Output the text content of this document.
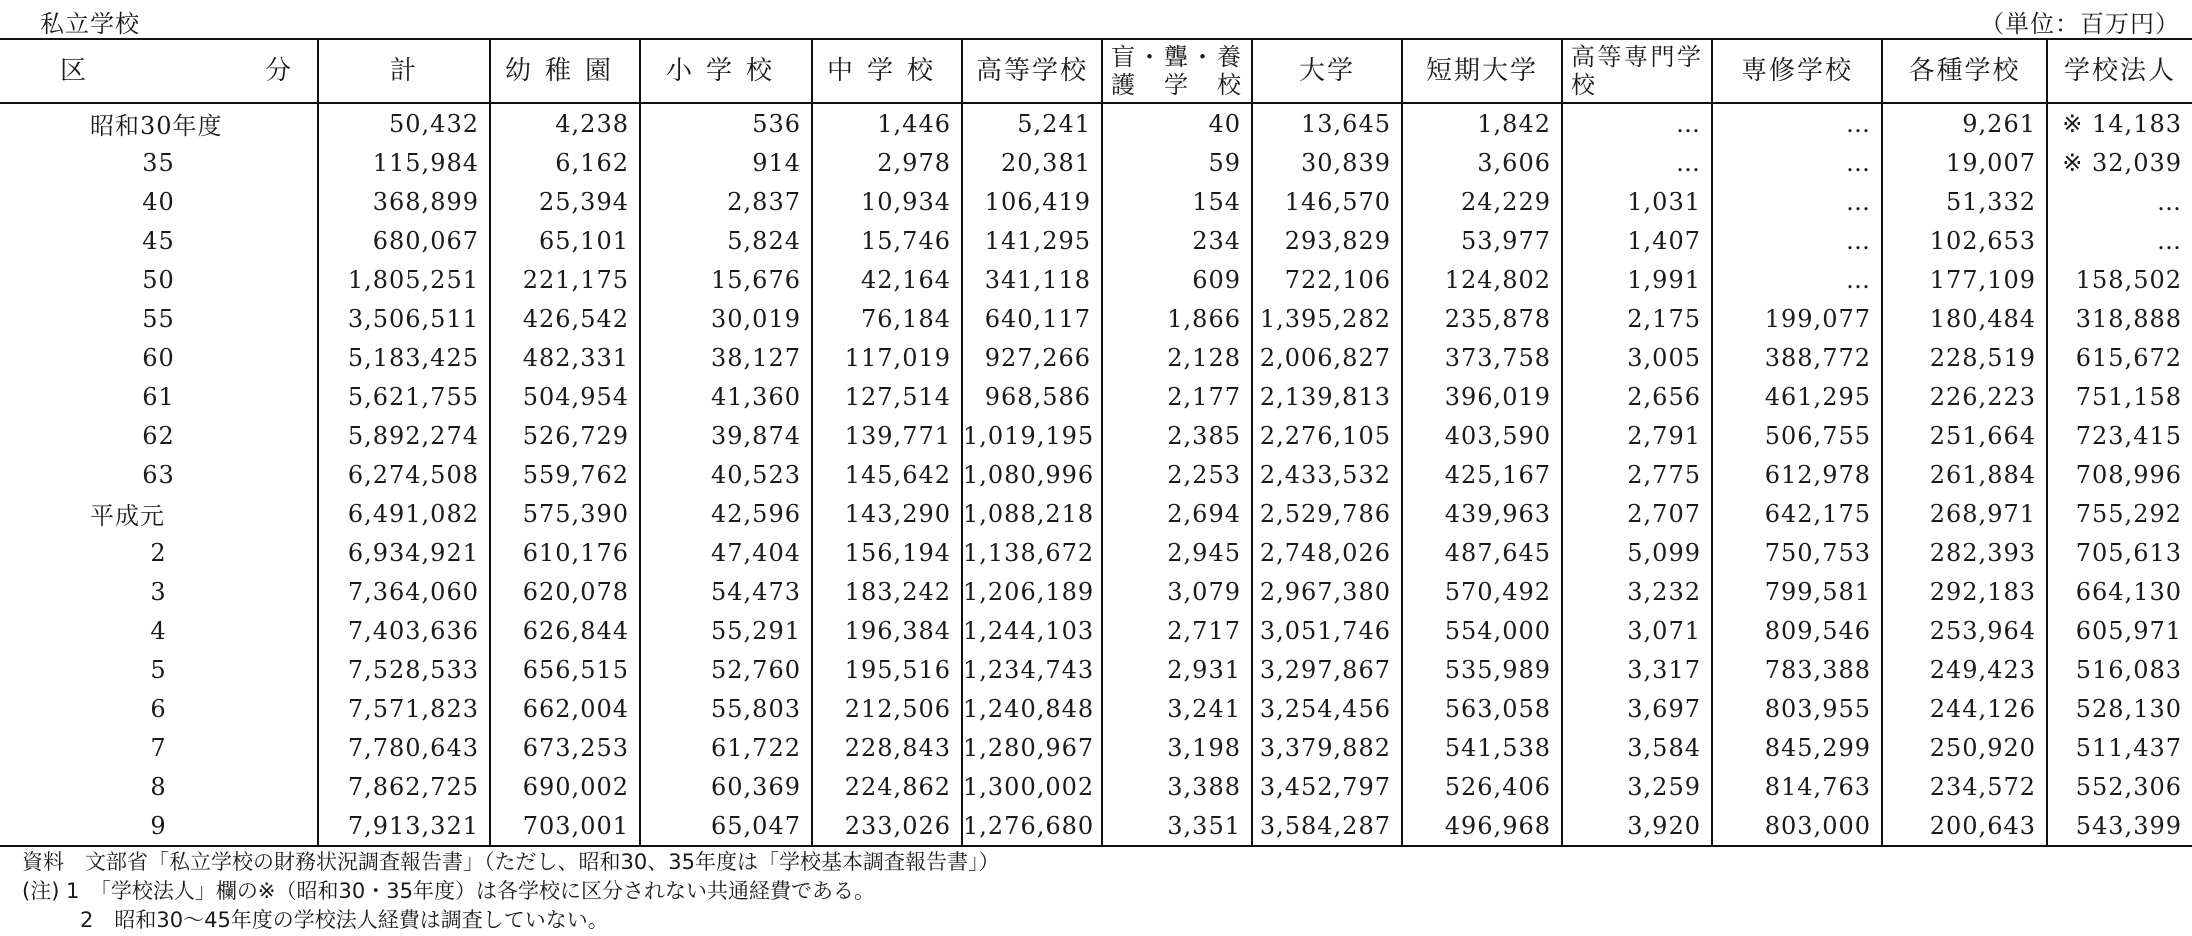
私立学校	（単位：百万円）
区　　分	計	幼稚園	小学校	中学校	高等学校	盲・聾・養護学校	大学	短期大学	高等専門学校	専修学校	各種学校	学校法人
昭和30年度	50,432	4,238	536	1,446	5,241	40	13,645	1,842	…	…	9,261	※ 14,183
35	115,984	6,162	914	2,978	20,381	59	30,839	3,606	…	…	19,007	※ 32,039
40	368,899	25,394	2,837	10,934	106,419	154	146,570	24,229	1,031	…	51,332	…
45	680,067	65,101	5,824	15,746	141,295	234	293,829	53,977	1,407	…	102,653	…
50	1,805,251	221,175	15,676	42,164	341,118	609	722,106	124,802	1,991	…	177,109	158,502
55	3,506,511	426,542	30,019	76,184	640,117	1,866	1,395,282	235,878	2,175	199,077	180,484	318,888
60	5,183,425	482,331	38,127	117,019	927,266	2,128	2,006,827	373,758	3,005	388,772	228,519	615,672
61	5,621,755	504,954	41,360	127,514	968,586	2,177	2,139,813	396,019	2,656	461,295	226,223	751,158
62	5,892,274	526,729	39,874	139,771	1,019,195	2,385	2,276,105	403,590	2,791	506,755	251,664	723,415
63	6,274,508	559,762	40,523	145,642	1,080,996	2,253	2,433,532	425,167	2,775	612,978	261,884	708,996
平成元	6,491,082	575,390	42,596	143,290	1,088,218	2,694	2,529,786	439,963	2,707	642,175	268,971	755,292
2	6,934,921	610,176	47,404	156,194	1,138,672	2,945	2,748,026	487,645	5,099	750,753	282,393	705,613
3	7,364,060	620,078	54,473	183,242	1,206,189	3,079	2,967,380	570,492	3,232	799,581	292,183	664,130
4	7,403,636	626,844	55,291	196,384	1,244,103	2,717	3,051,746	554,000	3,071	809,546	253,964	605,971
5	7,528,533	656,515	52,760	195,516	1,234,743	2,931	3,297,867	535,989	3,317	783,388	249,423	516,083
6	7,571,823	662,004	55,803	212,506	1,240,848	3,241	3,254,456	563,058	3,697	803,955	244,126	528,130
7	7,780,643	673,253	61,722	228,843	1,280,967	3,198	3,379,882	541,538	3,584	845,299	250,920	511,437
8	7,862,725	690,002	60,369	224,862	1,300,002	3,388	3,452,797	526,406	3,259	814,763	234,572	552,306
9	7,913,321	703,001	65,047	233,026	1,276,680	3,351	3,584,287	496,968	3,920	803,000	200,643	543,399
資料　文部省「私立学校の財務状況調査報告書」（ただし、昭和30、35年度は「学校基本調査報告書」）
(注) 1　「学校法人」欄の※（昭和30・35年度）は各学校に区分されない共通経費である。
2　昭和30～45年度の学校法人経費は調査していない。
